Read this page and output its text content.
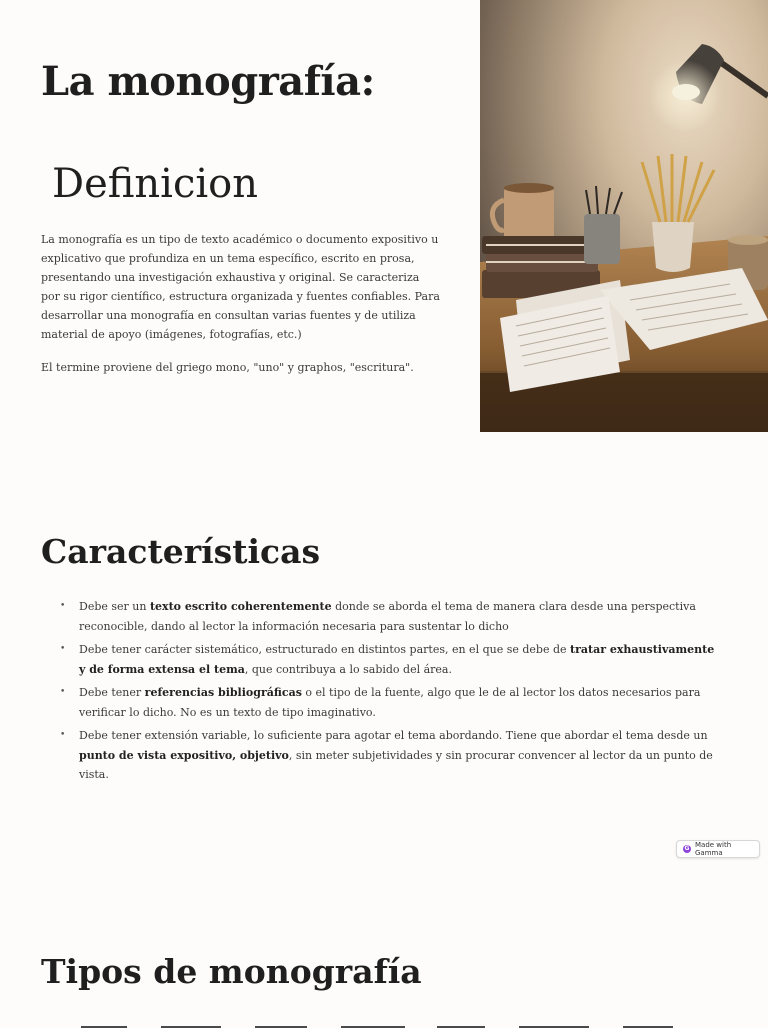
La monografía:
Definicion

La monografía es un tipo de texto académico o documento expositivo u explicativo que profundiza en un tema específico, escrito en prosa, presentando una investigación exhaustiva y original. Se caracteriza por su rigor científico, estructura organizada y fuentes confiables. Para desarrollar una monografía en consultan varias fuentes y de utiliza material de apoyo (imágenes, fotografías, etc.)

El termine proviene del griego mono, "uno" y graphos, "escritura".

Características
• Debe ser un texto escrito coherentemente donde se aborda el tema de manera clara desde una perspectiva reconocible, dando al lector la información necesaria para sustentar lo dicho
• Debe tener carácter sistemático, estructurado en distintos partes, en el que se debe de tratar exhaustivamente y de forma extensa el tema, que contribuya a lo sabido del área.
• Debe tener referencias bibliográficas o el tipo de la fuente, algo que le de al lector los datos necesarios para verificar lo dicho. No es un texto de tipo imaginativo.
• Debe tener extensión variable, lo suficiente para agotar el tema abordando. Tiene que abordar el tema desde un punto de vista expositivo, objetivo, sin meter subjetividades y sin procurar convencer al lector da un punto de vista.
G Made with Gamma
Tipos de monografía
